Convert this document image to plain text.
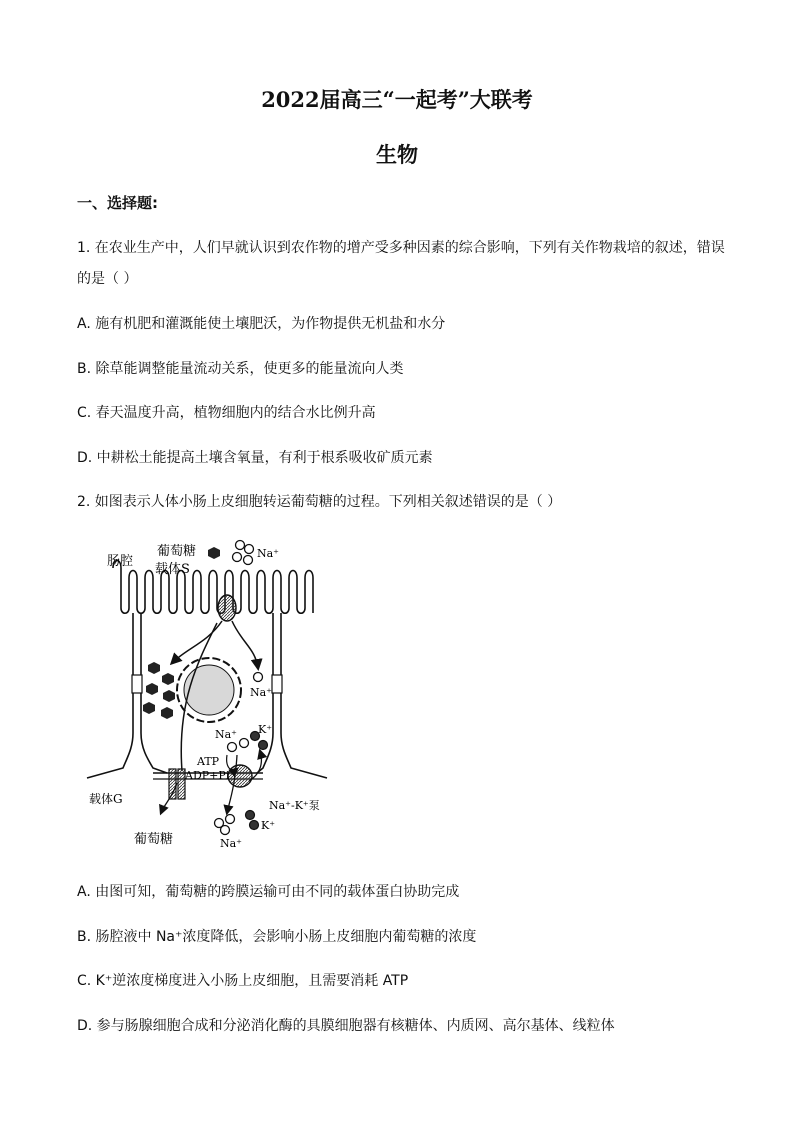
2022届高三“一起考”大联考
生物
一、选择题:
1. 在农业生产中，人们早就认识到农作物的增产受多种因素的综合影响，下列有关作物栽培的叙述，错误
的是（ ）
A. 施有机肥和灌溉能使土壤肥沃，为作物提供无机盐和水分
B. 除草能调整能量流动关系，使更多的能量流向人类
C. 春天温度升高，植物细胞内的结合水比例升高
D. 中耕松土能提高土壤含氧量，有利于根系吸收矿质元素
2. 如图表示人体小肠上皮细胞转运葡萄糖的过程。下列相关叙述错误的是（ ）
肠腔
葡萄糖
载体S
Na⁺
Na⁺
Na⁺ K⁺
ATP
ADP+Pi
载体G	Na⁺-K⁺泵
K⁺
葡萄糖	Na⁺
A. 由图可知，葡萄糖的跨膜运输可由不同的载体蛋白协助完成
B. 肠腔液中 Na⁺浓度降低，会影响小肠上皮细胞内葡萄糖的浓度
C. K⁺逆浓度梯度进入小肠上皮细胞，且需要消耗 ATP
D. 参与肠腺细胞合成和分泌消化酶的具膜细胞器有核糖体、内质网、高尔基体、线粒体
